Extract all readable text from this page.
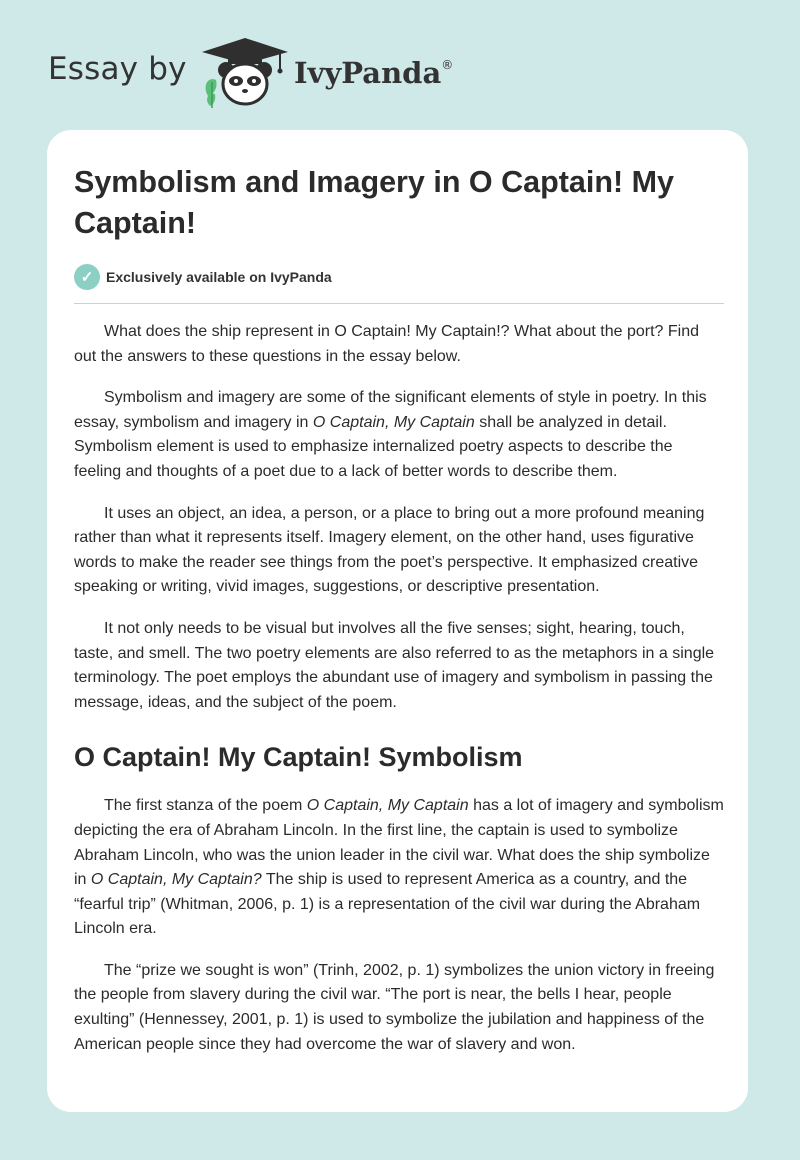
Essay by	IvyPanda®
Symbolism and Imagery in O Captain! My Captain!
✓ Exclusively available on IvyPanda

What does the ship represent in O Captain! My Captain!? What about the port? Find out the answers to these questions in the essay below.

Symbolism and imagery are some of the significant elements of style in poetry. In this essay, symbolism and imagery in O Captain, My Captain shall be analyzed in detail. Symbolism element is used to emphasize internalized poetry aspects to describe the feeling and thoughts of a poet due to a lack of better words to describe them.

It uses an object, an idea, a person, or a place to bring out a more profound meaning rather than what it represents itself. Imagery element, on the other hand, uses figurative words to make the reader see things from the poet’s perspective. It emphasized creative speaking or writing, vivid images, suggestions, or descriptive presentation.

It not only needs to be visual but involves all the five senses; sight, hearing, touch, taste, and smell. The two poetry elements are also referred to as the metaphors in a single terminology. The poet employs the abundant use of imagery and symbolism in passing the message, ideas, and the subject of the poem.

O Captain! My Captain! Symbolism

The first stanza of the poem O Captain, My Captain has a lot of imagery and symbolism depicting the era of Abraham Lincoln. In the first line, the captain is used to symbolize Abraham Lincoln, who was the union leader in the civil war. What does the ship symbolize in O Captain, My Captain? The ship is used to represent America as a country, and the “fearful trip” (Whitman, 2006, p. 1) is a representation of the civil war during the Abraham Lincoln era.

The “prize we sought is won” (Trinh, 2002, p. 1) symbolizes the union victory in freeing the people from slavery during the civil war. “The port is near, the bells I hear, people exulting” (Hennessey, 2001, p. 1) is used to symbolize the jubilation and happiness of the American people since they had overcome the war of slavery and won.
